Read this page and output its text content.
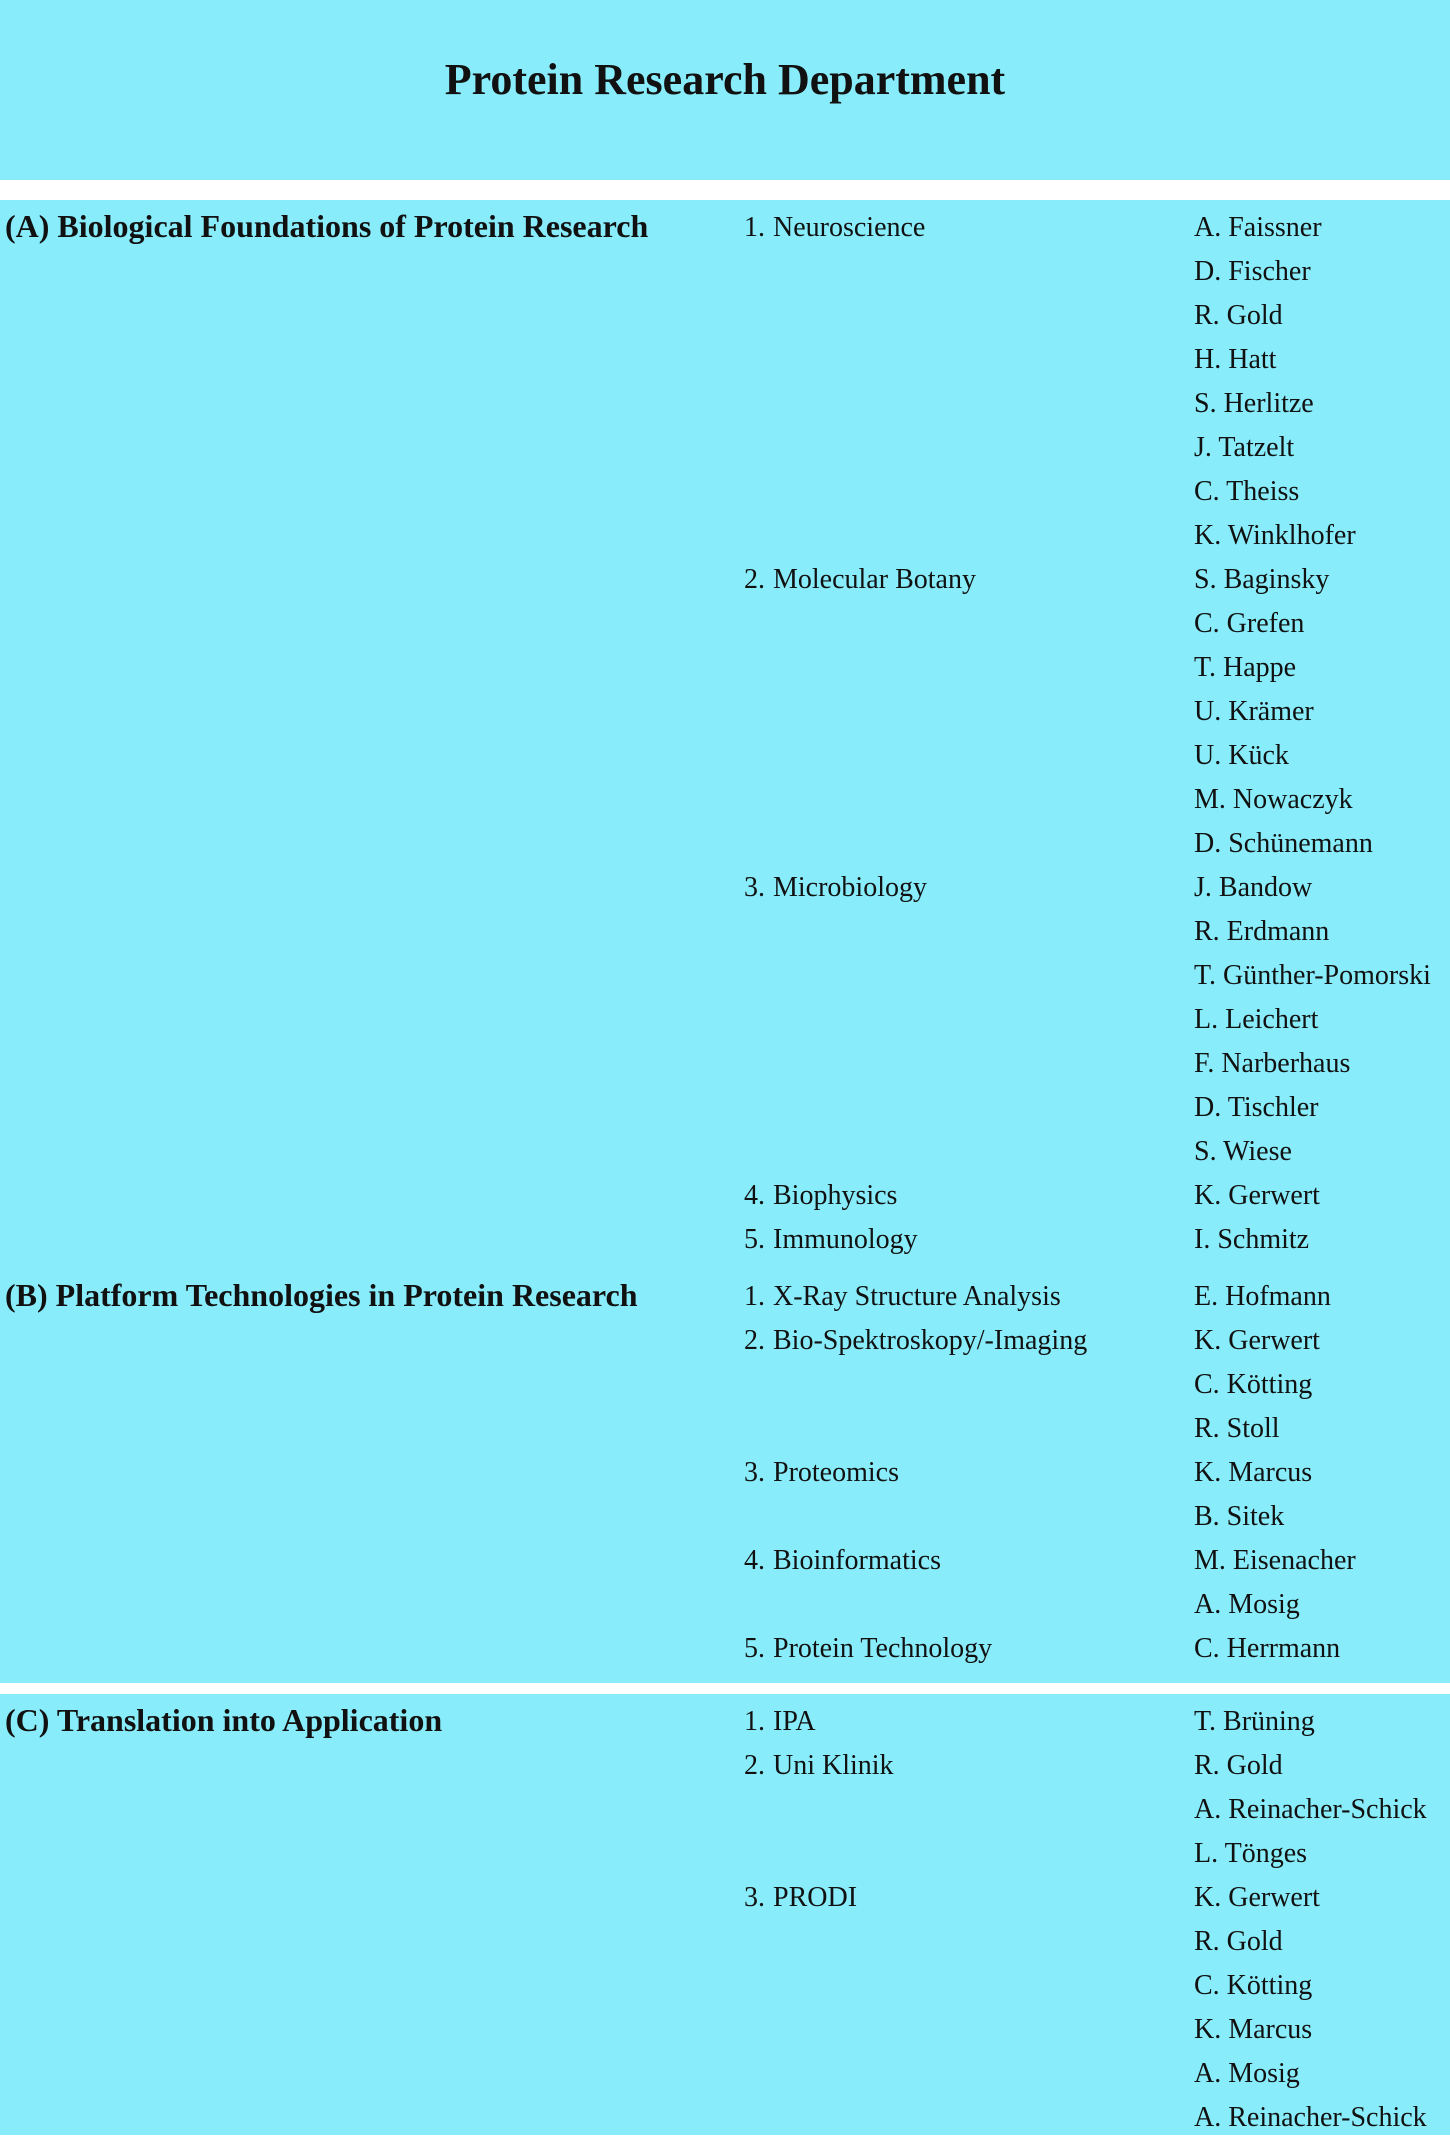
Protein Research Department
(A) Biological Foundations of Protein Research	1. Neuroscience	A. Faissner
D. Fischer
R. Gold
H. Hatt
S. Herlitze
J. Tatzelt
C. Theiss
K. Winklhofer
2. Molecular Botany	S. Baginsky
C. Grefen
T. Happe
U. Krämer
U. Kück
M. Nowaczyk
D. Schünemann
3. Microbiology	J. Bandow
R. Erdmann
T. Günther-Pomorski
L. Leichert
F. Narberhaus
D. Tischler
S. Wiese
4. Biophysics	K. Gerwert
5. Immunology	I. Schmitz
(B) Platform Technologies in Protein Research	1. X-Ray Structure Analysis	E. Hofmann
2. Bio-Spektroskopy/-Imaging	K. Gerwert
C. Kötting
R. Stoll
3. Proteomics	K. Marcus
B. Sitek
4. Bioinformatics	M. Eisenacher
A. Mosig
5. Protein Technology	C. Herrmann
(C) Translation into Application	1. IPA	T. Brüning
2. Uni Klinik	R. Gold
A. Reinacher-Schick
L. Tönges
3. PRODI	K. Gerwert
R. Gold
C. Kötting
K. Marcus
A. Mosig
A. Reinacher-Schick
